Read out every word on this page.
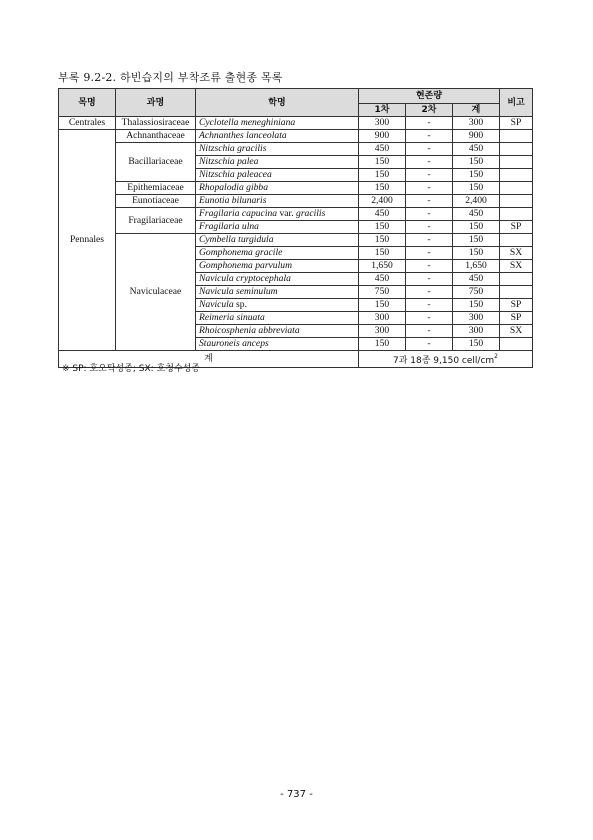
부록 9.2-2. 하빈습지의 부착조류 출현종 목록
목명	과명	학명	현존량			비고
			1차	2차	계	
Centrales	Thalassiosiraceae	Cyclotella meneghiniana	300	-	300	SP
Pennales	Achnanthaceae	Achnanthes lanceolata	900	-	900	
	Bacillariaceae	Nitzschia gracilis	450	-	450	
		Nitzschia palea	150	-	150	
		Nitzschia paleacea	150	-	150	
	Epithemiaceae	Rhopalodia gibba	150	-	150	
	Eunotiaceae	Eunotia bilunaris	2,400	-	2,400	
	Fragilariaceae	Fragilaria capucina var. gracilis	450	-	450	
		Fragilaria ulna	150	-	150	SP
	Naviculaceae	Cymbella turgidula	150	-	150	
		Gomphonema gracile	150	-	150	SX
		Gomphonema parvulum	1,650	-	1,650	SX
		Navicula cryptocephala	450	-	450	
		Navicula seminulum	750	-	750	
		Navicula sp.	150	-	150	SP
		Reimeria sinuata	300	-	300	SP
		Rhoicosphenia abbreviata	300	-	300	SX
		Stauroneis anceps	150	-	150	
계			7과 18종 9,150 cell/$cm^2$
※ SP: 호오탁성종; SX: 호청수성종
- 737 -
